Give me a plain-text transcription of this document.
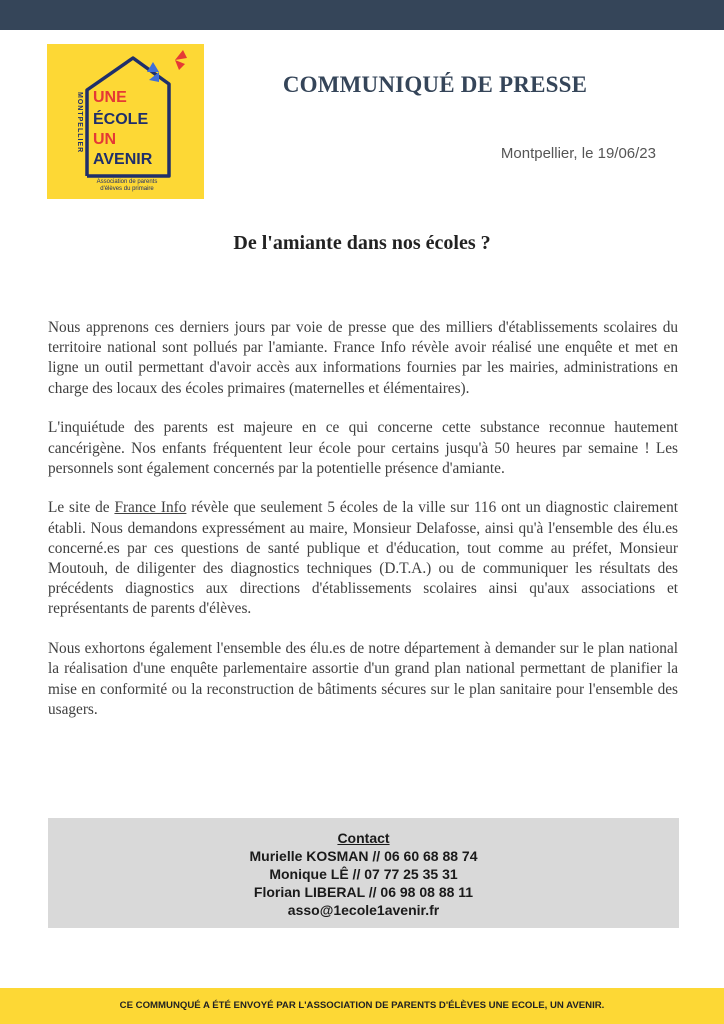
MONTPELLIER UNE
ÉCOLE
UN
AVENIR
Association de parents
d'élèves du primaire
COMMUNIQUÉ DE PRESSE
Montpellier, le 19/06/23
De l'amiante dans nos écoles ?

Nous apprenons ces derniers jours par voie de presse que des milliers d'établissements scolaires du territoire national sont pollués par l'amiante. France Info révèle avoir réalisé une enquête et met en ligne un outil permettant d'avoir accès aux informations fournies par les mairies, administrations en charge des locaux des écoles primaires (maternelles et élémentaires).

L'inquiétude des parents est majeure en ce qui concerne cette substance reconnue hautement cancérigène. Nos enfants fréquentent leur école pour certains jusqu'à 50 heures par semaine ! Les personnels sont également concernés par la potentielle présence d'amiante.

Le site de France Info révèle que seulement 5 écoles de la ville sur 116 ont un diagnostic clairement établi. Nous demandons expressément au maire, Monsieur Delafosse, ainsi qu'à l'ensemble des élu.es concerné.es par ces questions de santé publique et d'éducation, tout comme au préfet, Monsieur Moutouh, de diligenter des diagnostics techniques (D.T.A.) ou de communiquer les résultats des précédents diagnostics aux directions d'établissements scolaires ainsi qu'aux associations et représentants de parents d'élèves.

Nous exhortons également l'ensemble des élu.es de notre département à demander sur le plan national la réalisation d'une enquête parlementaire assortie d'un grand plan national permettant de planifier la mise en conformité ou la reconstruction de bâtiments sécures sur le plan sanitaire pour l'ensemble des usagers.

Contact
Murielle KOSMAN // 06 60 68 88 74
Monique LÊ // 07 77 25 35 31
Florian LIBERAL // 06 98 08 88 11
asso@1ecole1avenir.fr
CE COMMUNQUÉ A ÉTÉ ENVOYÉ PAR L'ASSOCIATION DE PARENTS D'ÉLÈVES UNE ECOLE, UN AVENIR.
